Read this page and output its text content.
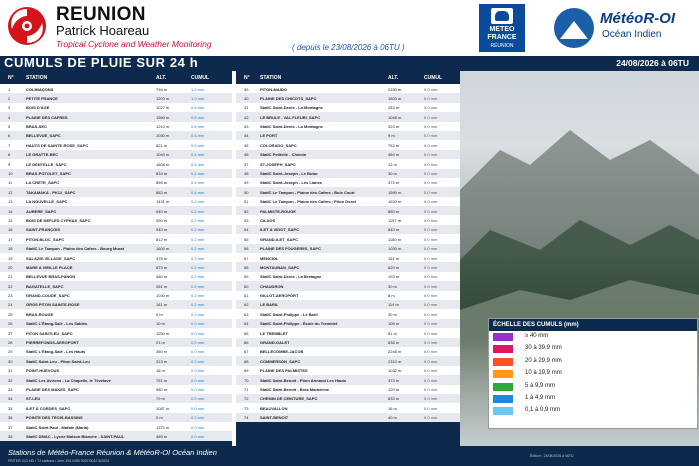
REUNION
Patrick Hoareau
Tropical Cyclone and Weather Monitoring	( depuis le 23/08/2026 à 06TU )
METEO
FRANCE
RÉUNION
MétéoR-OI
Océan Indien
CUMULS DE PLUIE SUR 24 h	24/08/2026 à 06TU
N° STATION	ALT.	CUMUL
1	COLIMAÇONS	794 m	1.6 mm
2	PETITE FRANCE	1200 m	1.0 mm
3	BOIS D'AGE	1027 m	0.8 mm
4	PLAINE DES CAFRES	1560 m	0.8 mm
5	BRAS-SEC	1210 m	0.8 mm
6	BELLEVUE_SAPC	1030 m	0.6 mm
7	HAUTS DE SAINTE-ROSE_SAPC	821 m	0.6 mm
8	LE GRATTE-BEC	1040 m	0.4 mm
9	LE DENTELLE_SAPC	1808 m	0.4 mm
10	BRAS-POTOLET_SAPC	834 m	0.4 mm
11	LA CRETE_SAPC	859 m	0.4 mm
12	TAKAMAKA - PK12_SAPC	883 m	0.4 mm
13	LA NOUVELLE_SAPC	1431 m	0.4 mm
14	AURERE_SAPC	940 m	0.2 mm
15	BOIS DE NEFLES CYPHAS_SAPC	390 m	0.2 mm
16	SAINT-FRANÇOIS	940 m	0.2 mm
17	PITON-BLOC_SAPC	812 m	0.2 mm
18	StatIC Le Tampon - Plaine des Cafres - Bourg Murat	1600 m	0.2 mm
19	SALAZIE-VILLAGE_SAPC	478 m	0.2 mm
20	MARE A VIEILLE PLACE	873 m	0.2 mm
21	BELLEVUE BRAS-PANON	480 m	0.2 mm
22	BAGATELLE_SAPC	261 m	0.2 mm
23	GRAND-COUDE_SAPC	1030 m	0.2 mm
24	GROS PITON SAINTE-ROSE	181 m	0.2 mm
25	BRAS-ROUGE	0 m	0.2 mm
26	StatIC L'Étang-Salé - Les Sables	10 m	0.0 mm
27	PITON SAINTLEU_SAPC	1250 m	0.0 mm
28	PIERREFONDS-AEROPORT	21 m	0.0 mm
29	StatIC L'Étang-Salé - Les Hauts	350 m	0.0 mm
30	StatIC Saint-Leu - Piton Saint-Leu	313 m	0.0 mm
31	POINT-HUEVOUS	18 m	0.0 mm
32	StatIC Les Avirons - La Chapelle, le Tévelave	751 m	0.0 mm
33	PLAINE DES MAKES_SAPC	980 m	0.0 mm
34	ST-LEU	79 m	0.0 mm
35	ILET À CORDES_SAPC	1087 m	0.0 mm
36	POINTE DES TROIS-BASSINS	0 m	0.0 mm
37	StatIC Saint Paul - Mafate (Marla)	1370 m	0.0 mm
38	StatIC DMAC - Lycée Maison Blanche - SAINT-PAUL	489 m	0.0 mm
N° STATION	ALT.	CUMUL
39	PITON-MAIDO	2150 m	0.0 mm
40	PLAINE DES CHICOTS_SAPC	1800 m	0.0 mm
41	StatIC Saint-Denis - La Montagne	283 m	0.0 mm
42	LE BRULE - VAL FLEURI_SAPC	1048 m	0.0 mm
43	StatIC Saint-Denis - La Montagne	323 m	0.0 mm
44	LE PORT	9 m	0.0 mm
45	COLORADO_SAPC	752 m	0.0 mm
46	StatIC Petiteile - Chemin	464 m	0.0 mm
47	ST-JOSEPH_SAPC	12 m	0.0 mm
48	StatIC Saint-Joseph - Le Butor	30 m	0.0 mm
49	StatIC Saint-Joseph - Les Lianes	372 m	0.0 mm
50	StatIC Le Tampon - Plaine des Cafres ; Bois Court	1590 m	0.0 mm
51	StatIC Le Tampon - Plaine des Cafres ; Piton Dorot	1620 m	0.0 mm
52	PALMISTE-ROUGE	880 m	0.0 mm
53	CILAOS	1197 m	0.0 mm
54	ILET A VIDOT_SAPC	840 m	0.0 mm
55	GRAND-ILET_SAPC	1180 m	0.0 mm
56	PLAINE DES FOUGERES_SAPC	1030 m	0.0 mm
57	MENCIOL	181 m	0.0 mm
58	MONTAUBAN_SAPC	620 m	0.0 mm
59	StatIC Saint-Denis - La Bretagne	193 m	0.0 mm
60	CHAUDRON	30 m	0.0 mm
61	GILLOT-AEROPORT	8 m	0.0 mm
62	LE BARIL	114 m	0.0 mm
63	StatIC Saint-Philippe - Le Baril	30 m	0.0 mm
64	StatIC Saint-Philippe - École du Tremblet	105 m	0.0 mm
65	LE TREMBLET	81 m	0.0 mm
66	GRAND-GALET	838 m	0.0 mm
67	BELLECOMBE-JACOB	2246 m	0.0 mm
68	COMMERSON_SAPC	2310 m	0.0 mm
69	PLAINE DES PALMISTES	1032 m	0.0 mm
70	StatIC Saint-Benoît - Piton Armand Les Hauts	373 m	0.0 mm
71	StatIC Saint-Benoît - Bras Madeleine	120 m	0.0 mm
72	CHEMIN DE CEINTURE_SAPC	833 m	0.0 mm
73	BEAUVALLON	18 m	0.0 mm
74	SAINT-BENOIT	40 m	0.0 mm
ÉCHELLE DES CUMULS (mm)
≥ 40 mm
30 à 39,9 mm
20 à 29,9 mm
10 à 19,9 mm
5 à 9,9 mm
1 à 4,9 mm
0,1 à 0,9 mm
Stations de Météo-France Réunion & MétéoR-OI Océan Indien
FRITER LICI HD • TJ stations • 1ern 194 0080 0007/0012 6/2024
Édition : 24/08/2026 à 06TU
